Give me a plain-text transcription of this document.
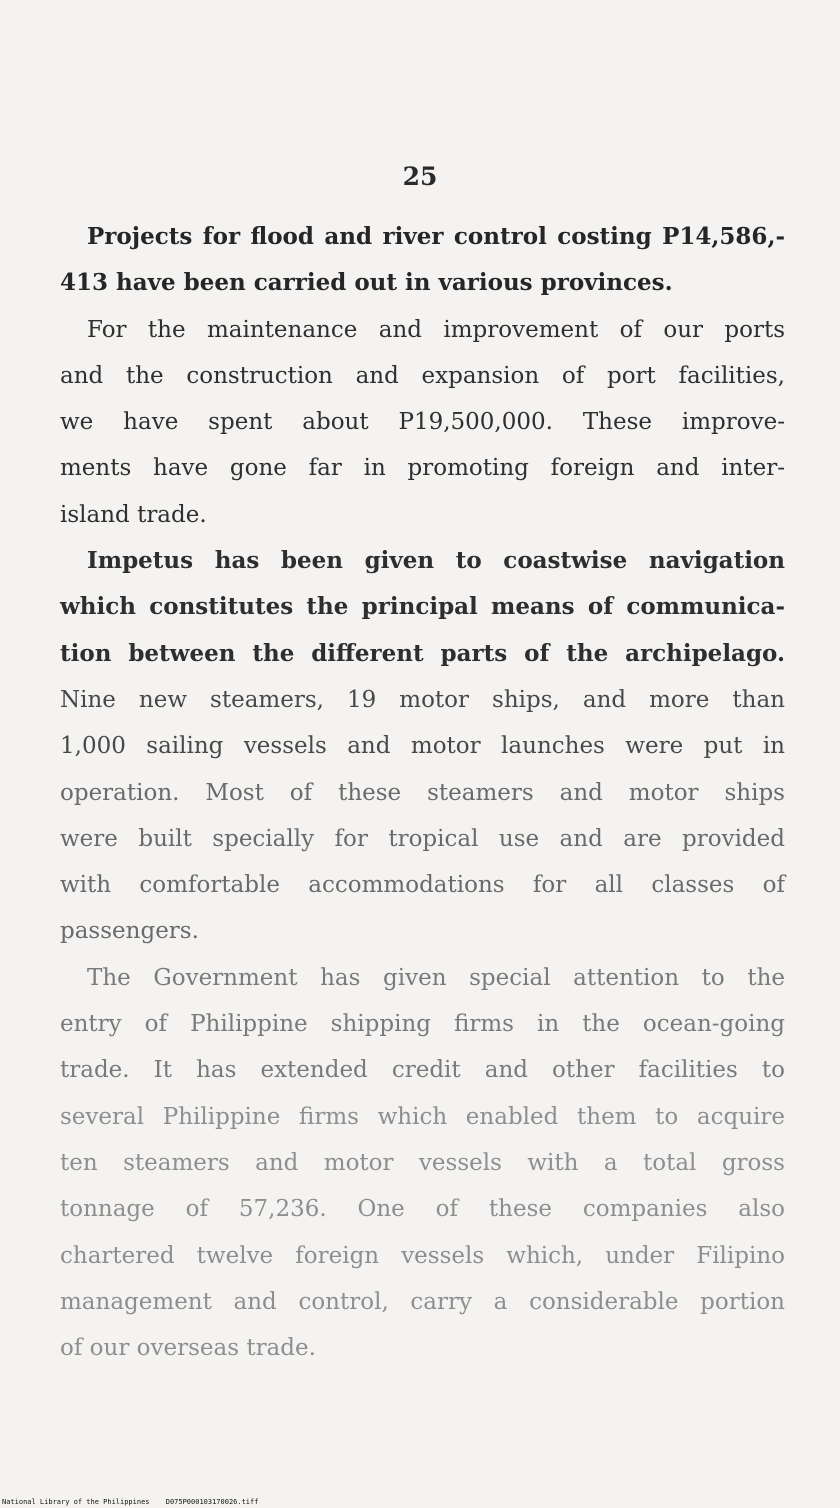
25
Projects for flood and river control costing P14,586,-
413 have been carried out in various provinces.
For the maintenance and improvement of our ports
and the construction and expansion of port facilities,
we have spent about P19,500,000. These improve-
ments have gone far in promoting foreign and inter-
island trade.
Impetus has been given to coastwise navigation
which constitutes the principal means of communica-
tion between the different parts of the archipelago.
Nine new steamers, 19 motor ships, and more than
1,000 sailing vessels and motor launches were put in
operation. Most of these steamers and motor ships
were built specially for tropical use and are provided
with comfortable accommodations for all classes of
passengers.
The Government has given special attention to the
entry of Philippine shipping firms in the ocean-going
trade. It has extended credit and other facilities to
several Philippine firms which enabled them to acquire
ten steamers and motor vessels with a total gross
tonnage of 57,236. One of these companies also
chartered twelve foreign vessels which, under Filipino
management and control, carry a considerable portion
of our overseas trade.
National Library of the Philippines D075P000103170026.tiff
